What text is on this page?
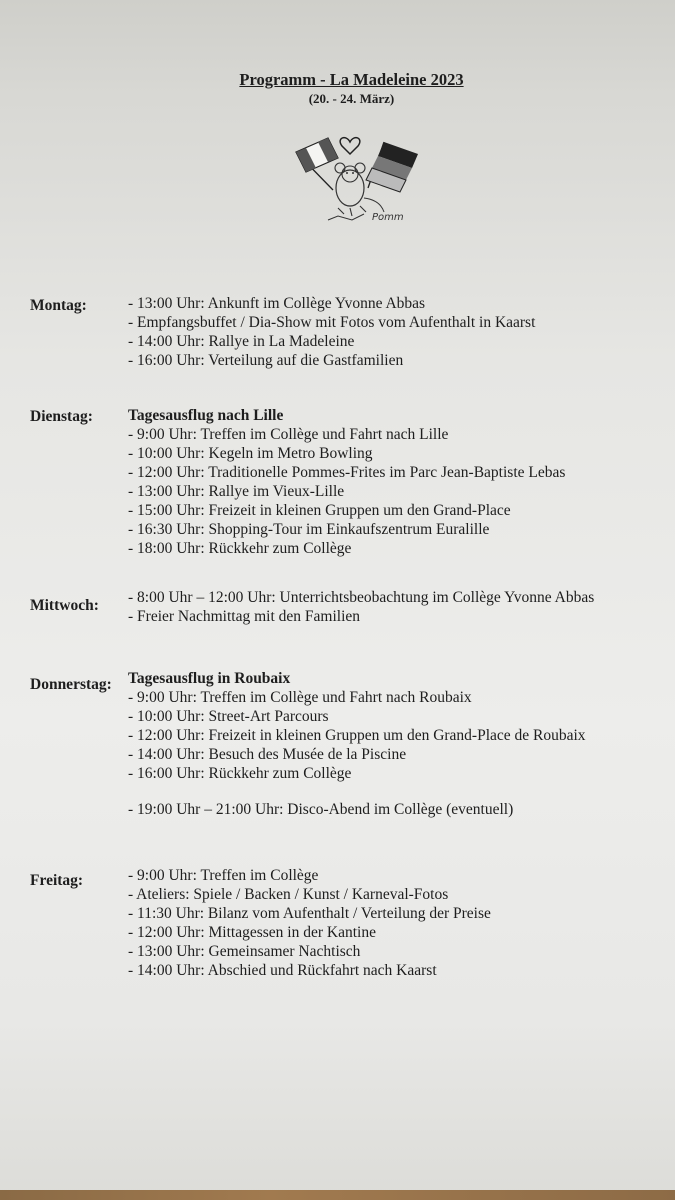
Programm - La Madeleine 2023
(20. - 24. März)
Pomm
Montag:	- 13:00 Uhr: Ankunft im Collège Yvonne Abbas
- Empfangsbuffet / Dia-Show mit Fotos vom Aufenthalt in Kaarst
- 14:00 Uhr: Rallye in La Madeleine
- 16:00 Uhr: Verteilung auf die Gastfamilien
Dienstag: Tagesausflug nach Lille
- 9:00 Uhr: Treffen im Collège und Fahrt nach Lille
- 10:00 Uhr: Kegeln im Metro Bowling
- 12:00 Uhr: Traditionelle Pommes-Frites im Parc Jean-Baptiste Lebas
- 13:00 Uhr: Rallye im Vieux-Lille
- 15:00 Uhr: Freizeit in kleinen Gruppen um den Grand-Place
- 16:30 Uhr: Shopping-Tour im Einkaufszentrum Euralille
- 18:00 Uhr: Rückkehr zum Collège
Mittwoch: - 8:00 Uhr – 12:00 Uhr: Unterrichtsbeobachtung im Collège Yvonne Abbas
- Freier Nachmittag mit den Familien
Donnerstag: Tagesausflug in Roubaix
- 9:00 Uhr: Treffen im Collège und Fahrt nach Roubaix
- 10:00 Uhr: Street-Art Parcours
- 12:00 Uhr: Freizeit in kleinen Gruppen um den Grand-Place de Roubaix
- 14:00 Uhr: Besuch des Musée de la Piscine
- 16:00 Uhr: Rückkehr zum Collège
- 19:00 Uhr – 21:00 Uhr: Disco-Abend im Collège (eventuell)
Freitag:	- 9:00 Uhr: Treffen im Collège
- Ateliers: Spiele / Backen / Kunst / Karneval-Fotos
- 11:30 Uhr: Bilanz vom Aufenthalt / Verteilung der Preise
- 12:00 Uhr: Mittagessen in der Kantine
- 13:00 Uhr: Gemeinsamer Nachtisch
- 14:00 Uhr: Abschied und Rückfahrt nach Kaarst
